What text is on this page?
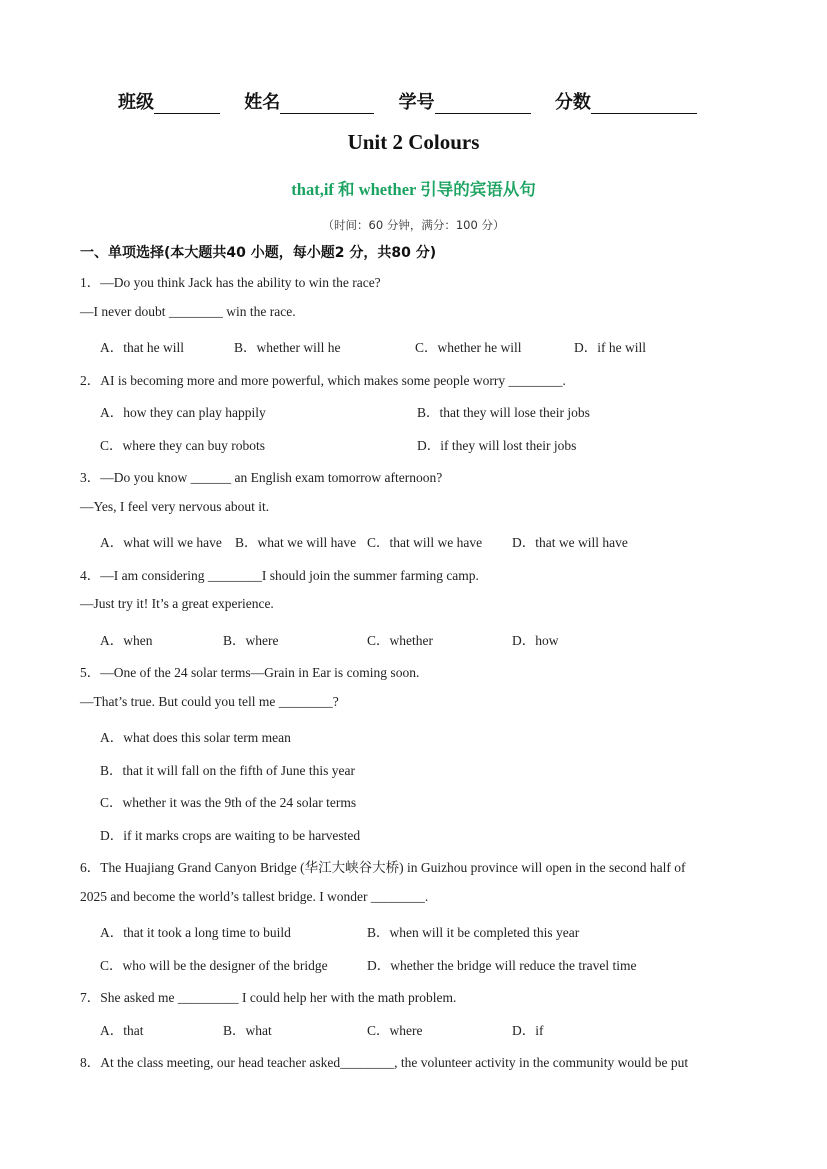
班级	姓名	学号	分数
Unit 2 Colours
that,if 和 whether 引导的宾语从句
（时间：60 分钟，满分：100 分）
一、单项选择(本大题共40 小题，每小题2 分，共80 分)
1．—Do you think Jack has the ability to win the race?
—I never doubt ________ win the race.
A．that he will	B．whether will he	C．whether he will	D．if he will
2．AI is becoming more and more powerful, which makes some people worry ________.
A．how they can play happily	B．that they will lose their jobs
C．where they can buy robots	D．if they will lost their jobs
3．—Do you know ______ an English exam tomorrow afternoon?
—Yes, I feel very nervous about it.
A．what will we have B．what we will have C．that will we have D．that we will have
4．—I am considering ________I should join the summer farming camp.
—Just try it! It’s a great experience.
A．when	B．where	C．whether	D．how
5．—One of the 24 solar terms—Grain in Ear is coming soon.
—That’s true. But could you tell me ________?
A．what does this solar term mean
B．that it will fall on the fifth of June this year
C．whether it was the 9th of the 24 solar terms
D．if it marks crops are waiting to be harvested
6．The Huajiang Grand Canyon Bridge (华江大峡谷大桥) in Guizhou province will open in the second half of
2025 and become the world’s tallest bridge. I wonder ________.
A．that it took a long time to build	B．when will it be completed this year
C．who will be the designer of the bridge	D．whether the bridge will reduce the travel time
7．She asked me _________ I could help her with the math problem.
A．that	B．what	C．where	D．if
8．At the class meeting, our head teacher asked________, the volunteer activity in the community would be put
